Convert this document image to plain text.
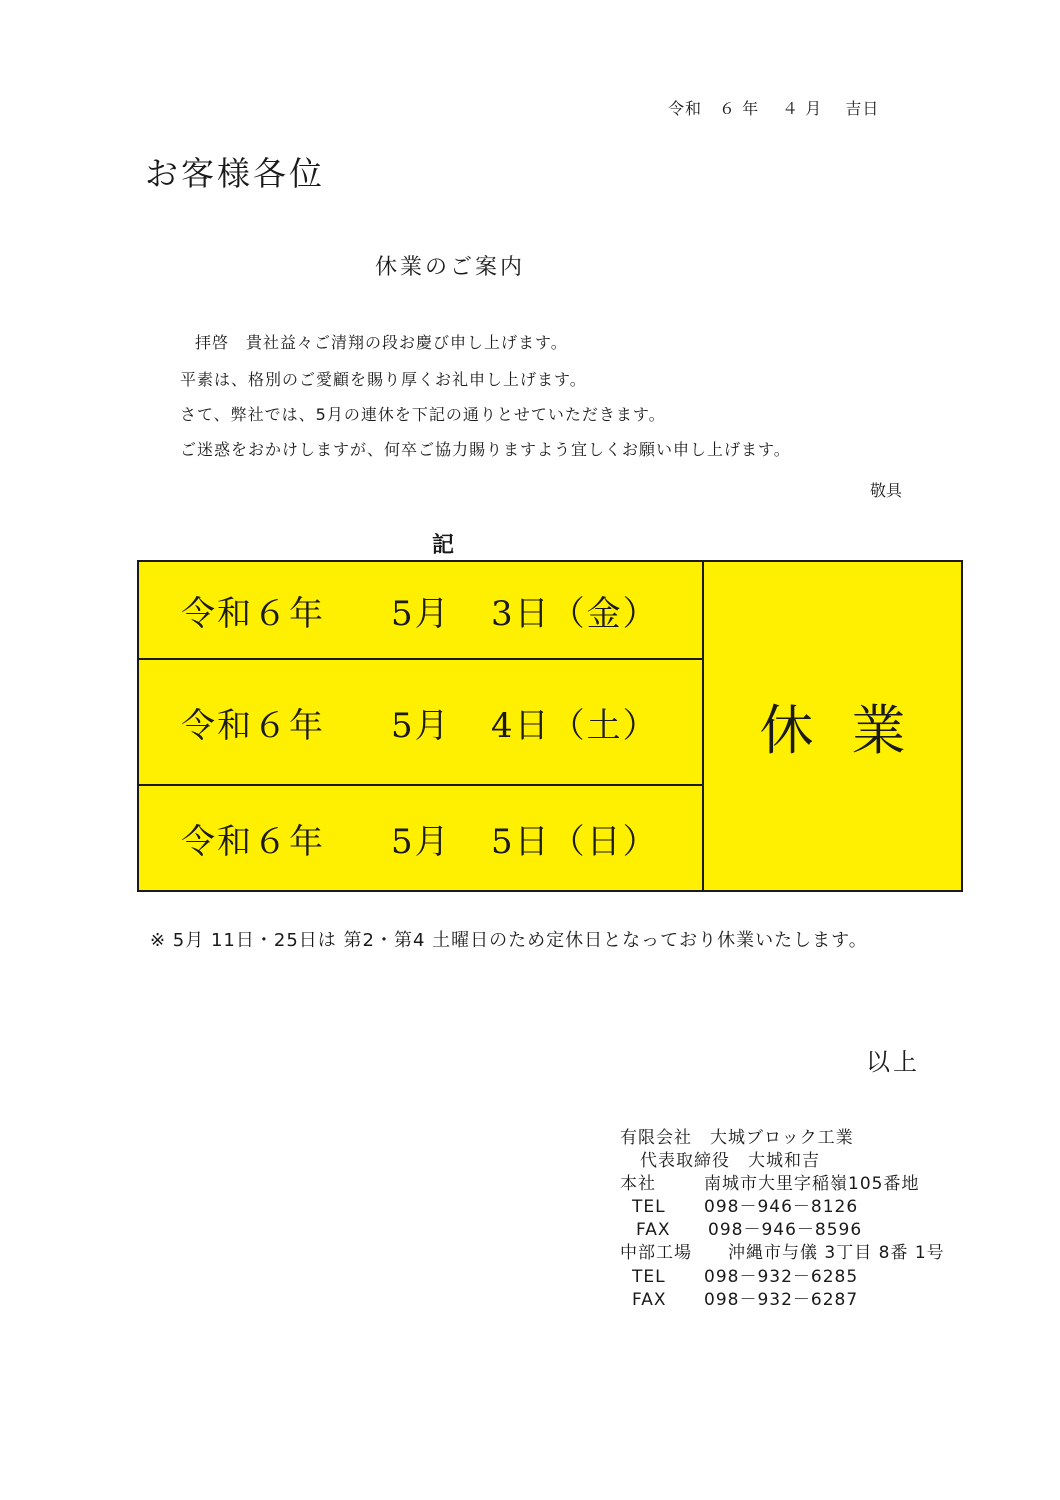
令和　６ 年　 ４ 月　 吉日
お客様各位
休業のご案内
拝啓　貴社益々ご清翔の段お慶び申し上げます。
平素は、格別のご愛顧を賜り厚くお礼申し上げます。
さて、弊社では、5月の連休を下記の通りとせていただきます。
ご迷惑をおかけしますが、何卒ご協力賜りますよう宜しくお願い申し上げます。
敬具
記
令和６年	5月	3日（金）
令和６年	5月	4日（土）
令和６年	5月	5日（日）
休業
※ 5月 11日・25日は 第2・第4 土曜日のため定休日となっており休業いたします。
以上
有限会社　大城ブロック工業
代表取締役　大城和吉
本社	南城市大里字稲嶺105番地
TEL 098－946－8126
FAX 098－946－8596
中部工場 沖縄市与儀 3丁目 8番 1号
TEL 098－932－6285
FAX 098－932－6287
